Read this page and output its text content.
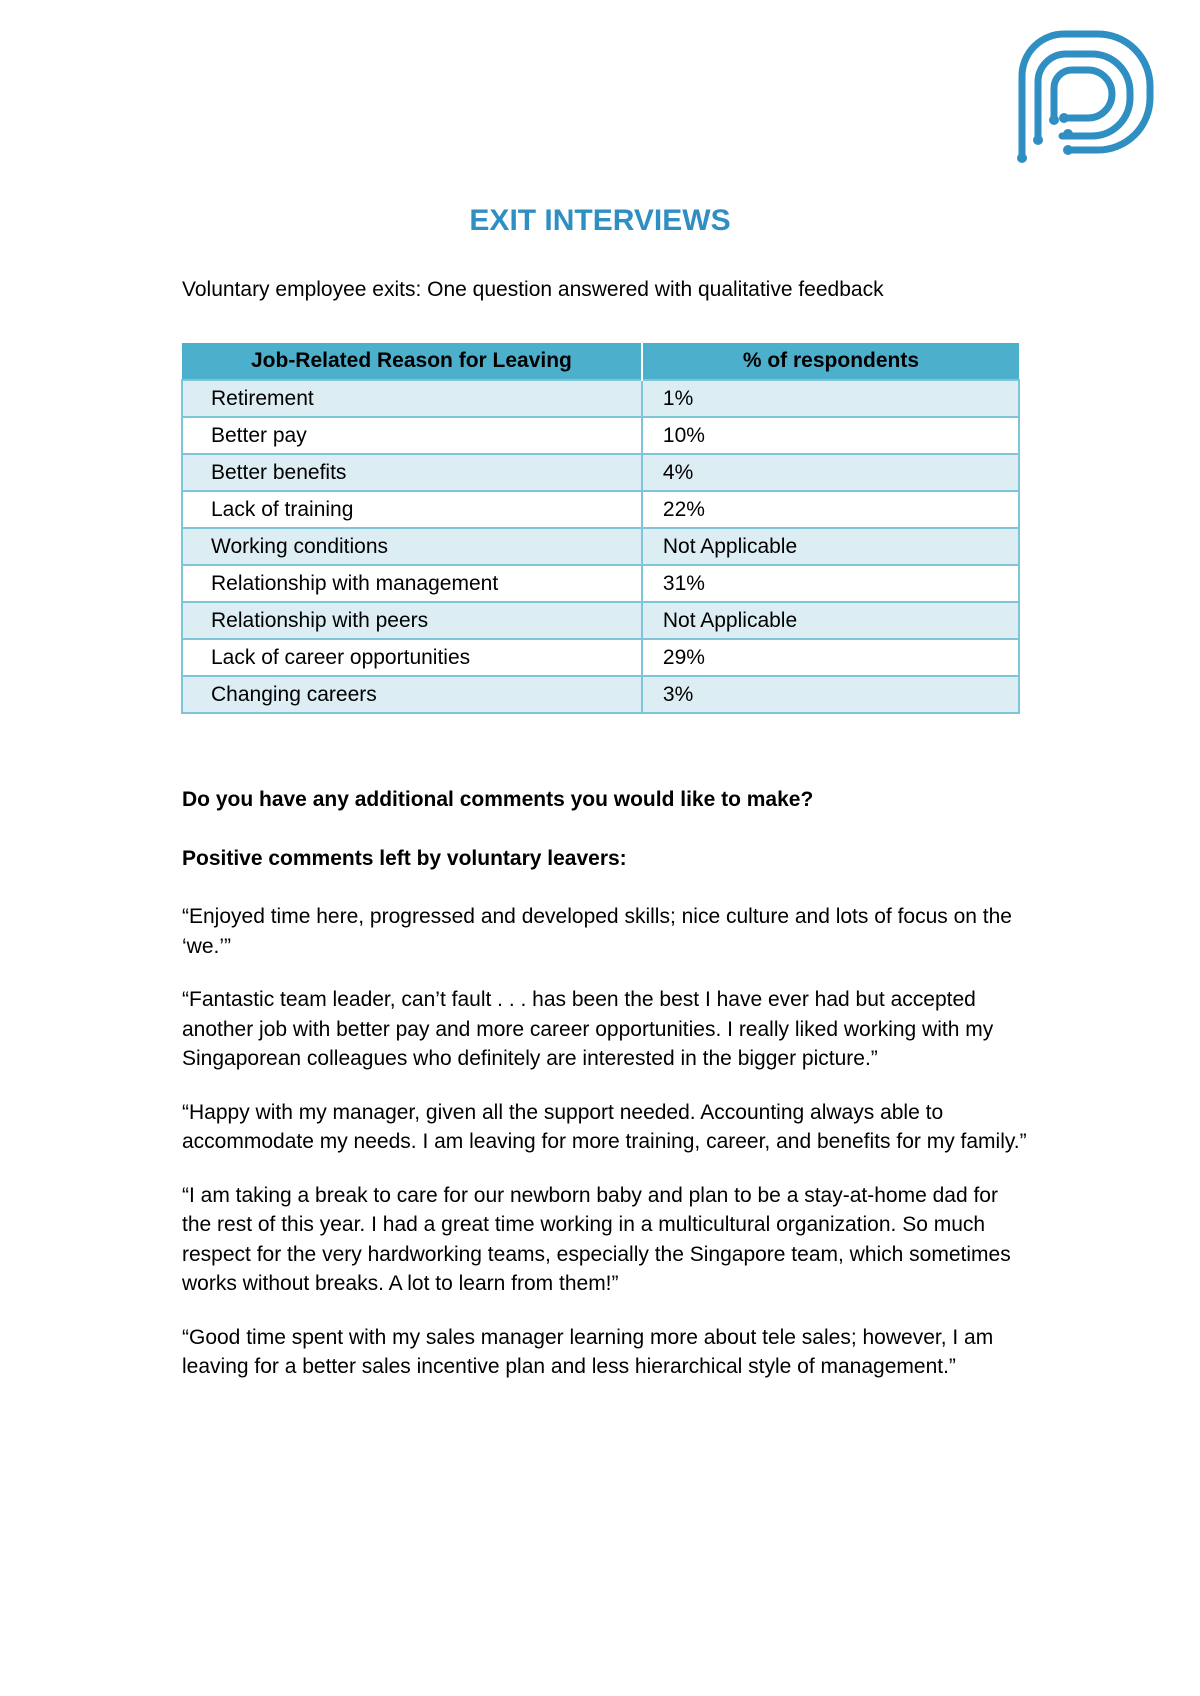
EXIT INTERVIEWS
Voluntary employee exits: One question answered with qualitative feedback
Job-Related Reason for Leaving	% of respondents
Retirement	1%
Better pay	10%
Better benefits	4%
Lack of training	22%
Working conditions	Not Applicable
Relationship with management	31%
Relationship with peers	Not Applicable
Lack of career opportunities	29%
Changing careers	3%

Do you have any additional comments you would like to make?

Positive comments left by voluntary leavers:

“Enjoyed time here, progressed and developed skills; nice culture and lots of focus on the ‘we.’”

“Fantastic team leader, can’t fault . . . has been the best I have ever had but accepted another job with better pay and more career opportunities. I really liked working with my Singaporean colleagues who definitely are interested in the bigger picture.”

“Happy with my manager, given all the support needed. Accounting always able to accommodate my needs. I am leaving for more training, career, and benefits for my family.”

“I am taking a break to care for our newborn baby and plan to be a stay-at-home dad for the rest of this year. I had a great time working in a multicultural organization. So much respect for the very hardworking teams, especially the Singapore team, which sometimes works without breaks. A lot to learn from them!”

“Good time spent with my sales manager learning more about tele sales; however, I am leaving for a better sales incentive plan and less hierarchical style of management.”
